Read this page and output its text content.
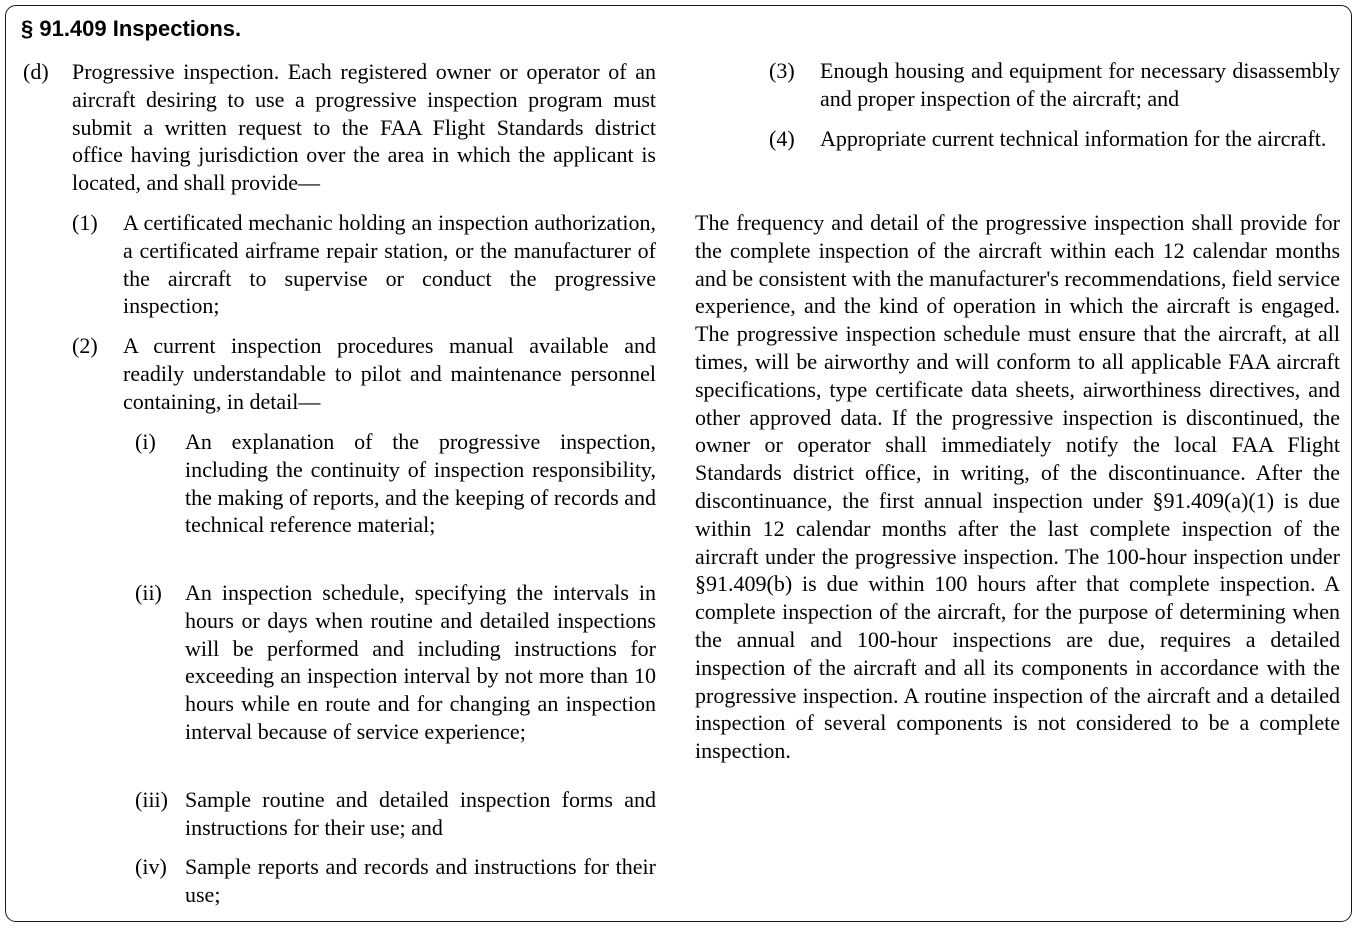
§ 91.409 Inspections.
(d) Progressive inspection. Each registered owner or operator of an aircraft desiring to use a progressive inspection program must submit a written request to the FAA Flight Standards district office having jurisdiction over the area in which the applicant is located, and shall provide—

(1) A certificated mechanic holding an inspection authorization, a certificated airframe repair station, or the manufacturer of the aircraft to supervise or conduct the progressive inspection;

(2) A current inspection procedures manual available and readily understandable to pilot and maintenance personnel containing, in detail—

(i) An explanation of the progressive inspection, including the continuity of inspection responsibility, the making of reports, and the keeping of records and technical reference material;

(ii) An inspection schedule, specifying the intervals in hours or days when routine and detailed inspections will be performed and including instructions for exceeding an inspection interval by not more than 10 hours while en route and for changing an inspection interval because of service experience;

(iii) Sample routine and detailed inspection forms and instructions for their use; and

(iv) Sample reports and records and instructions for their use;

(3) Enough housing and equipment for necessary disassembly and proper inspection of the aircraft; and

(4) Appropriate current technical information for the aircraft.

The frequency and detail of the progressive inspection shall provide for the complete inspection of the aircraft within each 12 calendar months and be consistent with the manufacturer's recommendations, field service experience, and the kind of operation in which the aircraft is engaged. The progressive inspection schedule must ensure that the aircraft, at all times, will be airworthy and will conform to all applicable FAA aircraft specifications, type certificate data sheets, airworthiness directives, and other approved data. If the progressive inspection is discontinued, the owner or operator shall immediately notify the local FAA Flight Standards district office, in writing, of the discontinuance. After the discontinuance, the first annual inspection under §91.409(a)(1) is due within 12 calendar months after the last complete inspection of the aircraft under the progressive inspection. The 100-hour inspection under §91.409(b) is due within 100 hours after that complete inspection. A complete inspection of the aircraft, for the purpose of determining when the annual and 100-hour inspections are due, requires a detailed inspection of the aircraft and all its components in accordance with the progressive inspection. A routine inspection of the aircraft and a detailed inspection of several components is not considered to be a complete inspection.
